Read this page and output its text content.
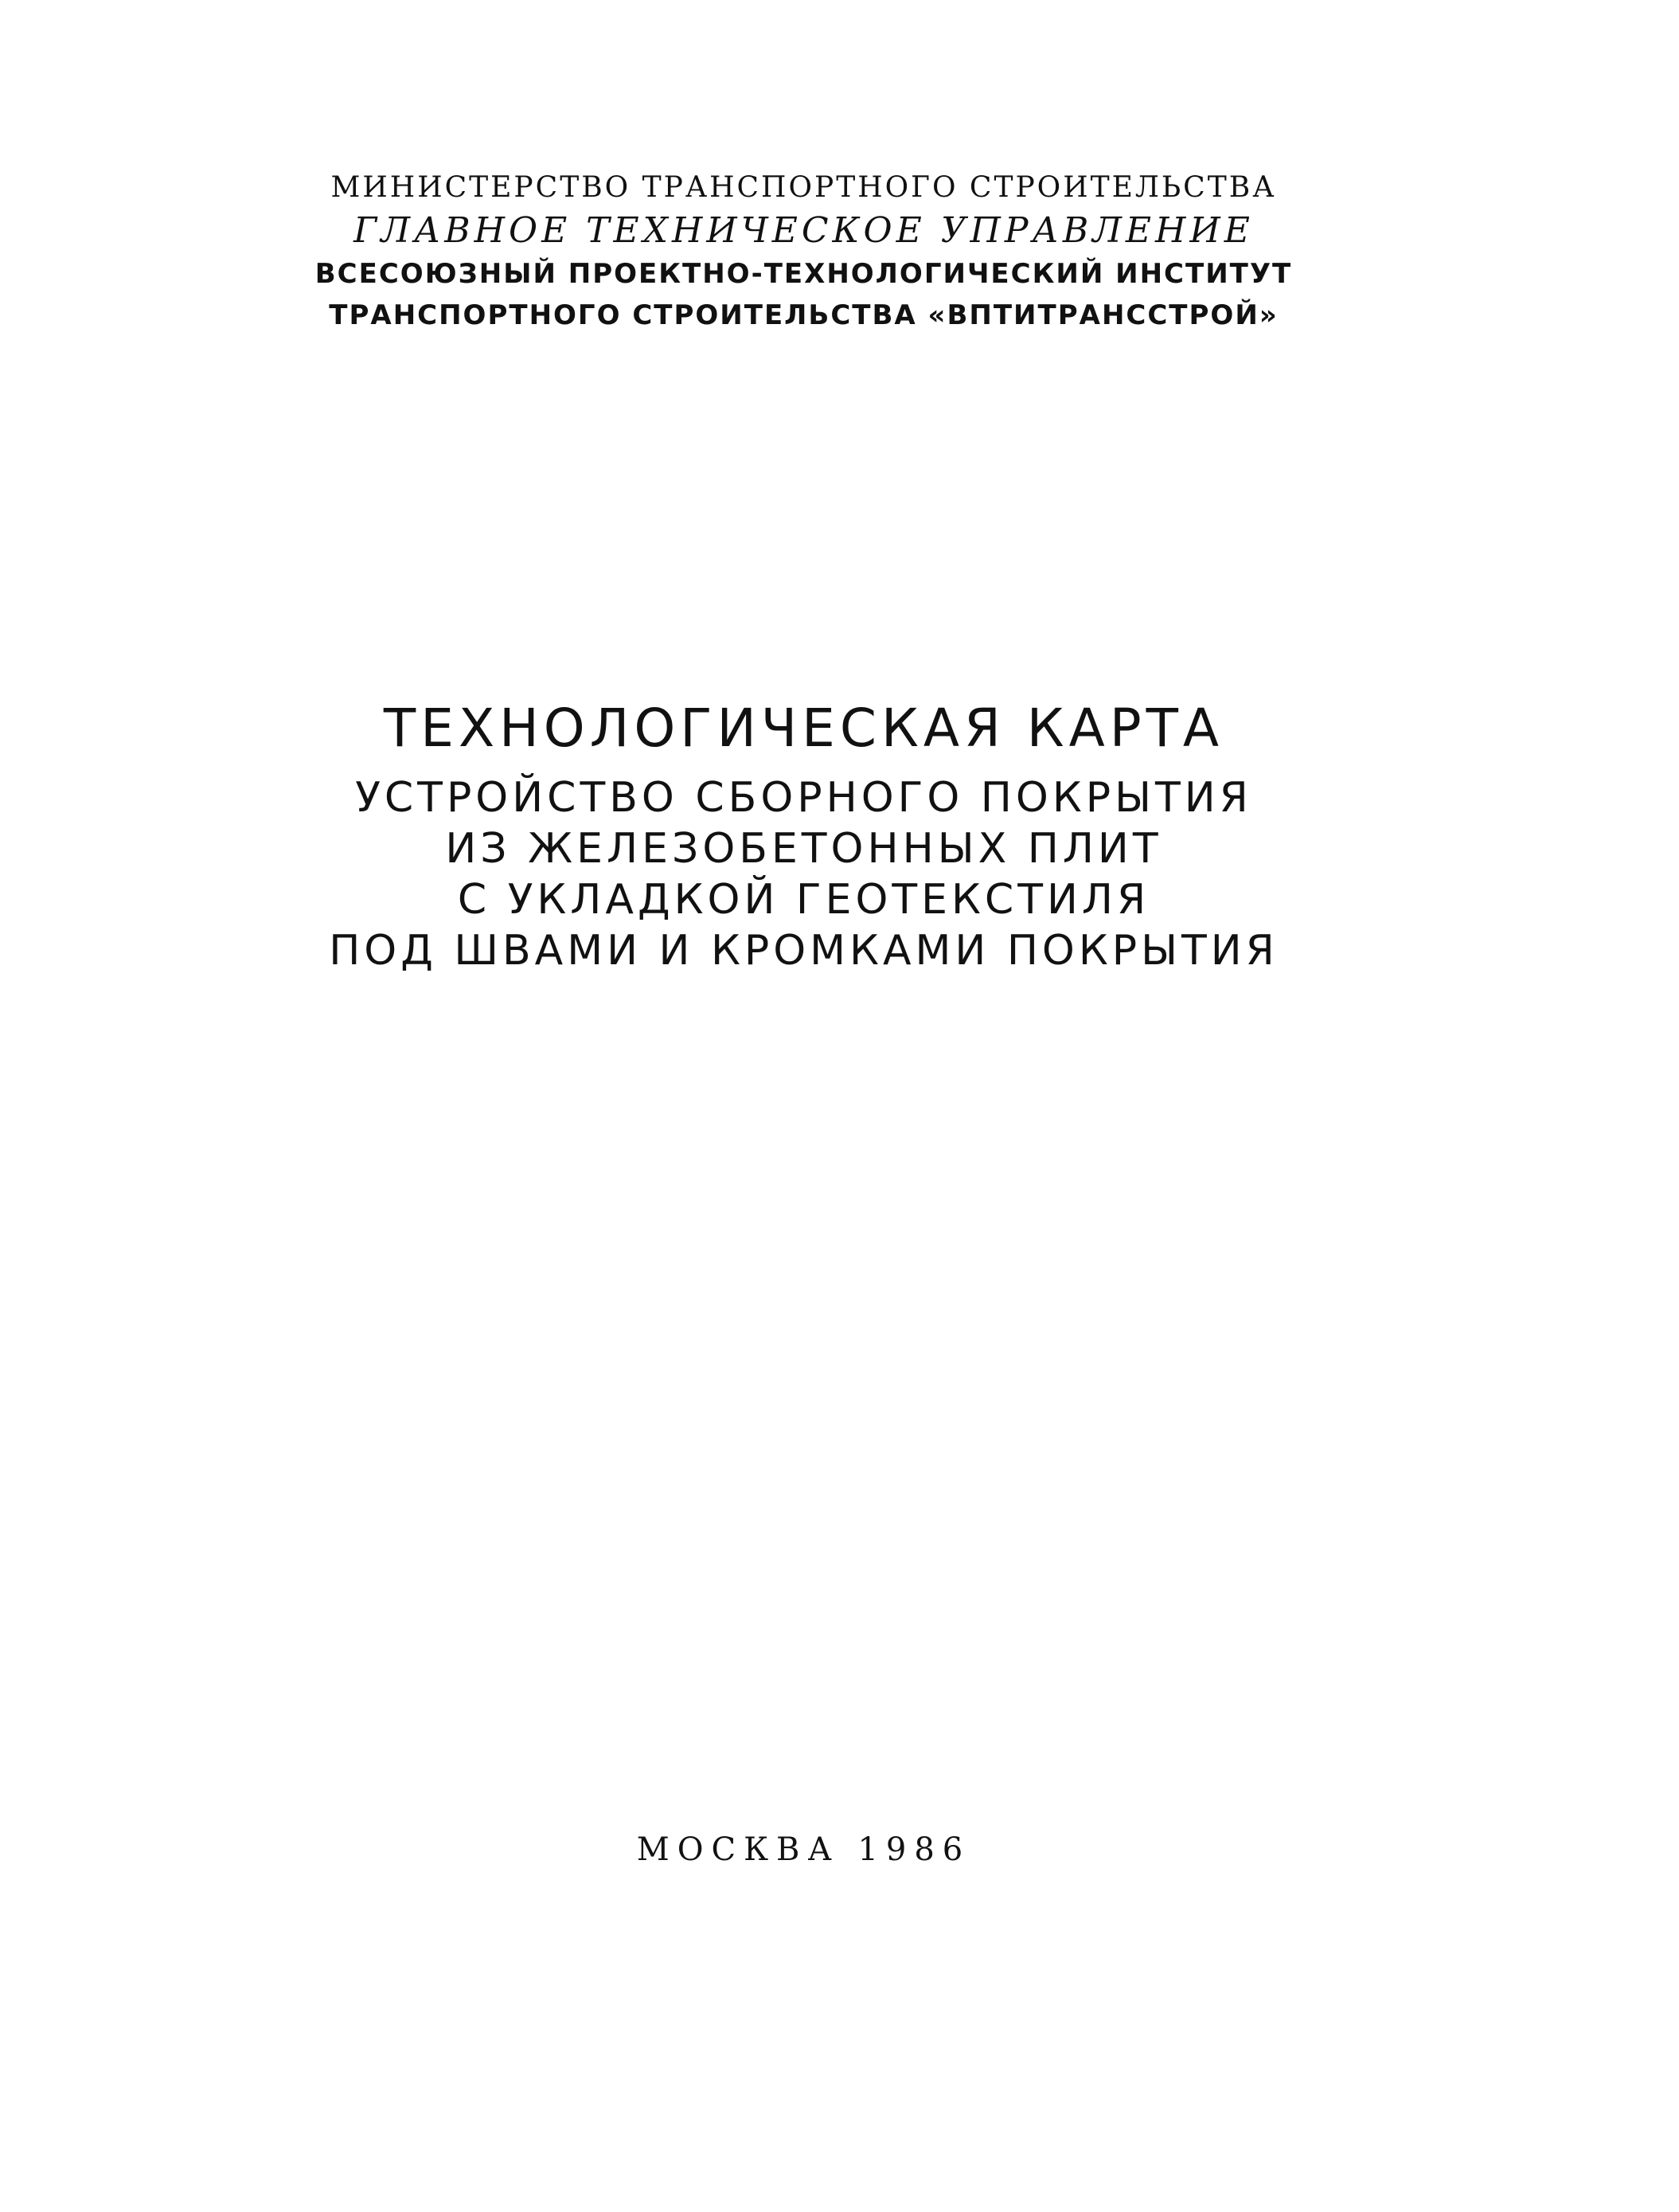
МИНИСТЕРСТВО ТРАНСПОРТНОГО СТРОИТЕЛЬСТВА
ГЛАВНОЕ ТЕХНИЧЕСКОЕ УПРАВЛЕНИЕ
ВСЕСОЮЗНЫЙ ПРОЕКТНО-ТЕХНОЛОГИЧЕСКИЙ ИНСТИТУТ
ТРАНСПОРТНОГО СТРОИТЕЛЬСТВА «ВПТИТРАНССТРОЙ»
ТЕХНОЛОГИЧЕСКАЯ КАРТА
УСТРОЙСТВО СБОРНОГО ПОКРЫТИЯ
ИЗ ЖЕЛЕЗОБЕТОННЫХ ПЛИТ
С УКЛАДКОЙ ГЕОТЕКСТИЛЯ
ПОД ШВАМИ И КРОМКАМИ ПОКРЫТИЯ
МОСКВА 1986
